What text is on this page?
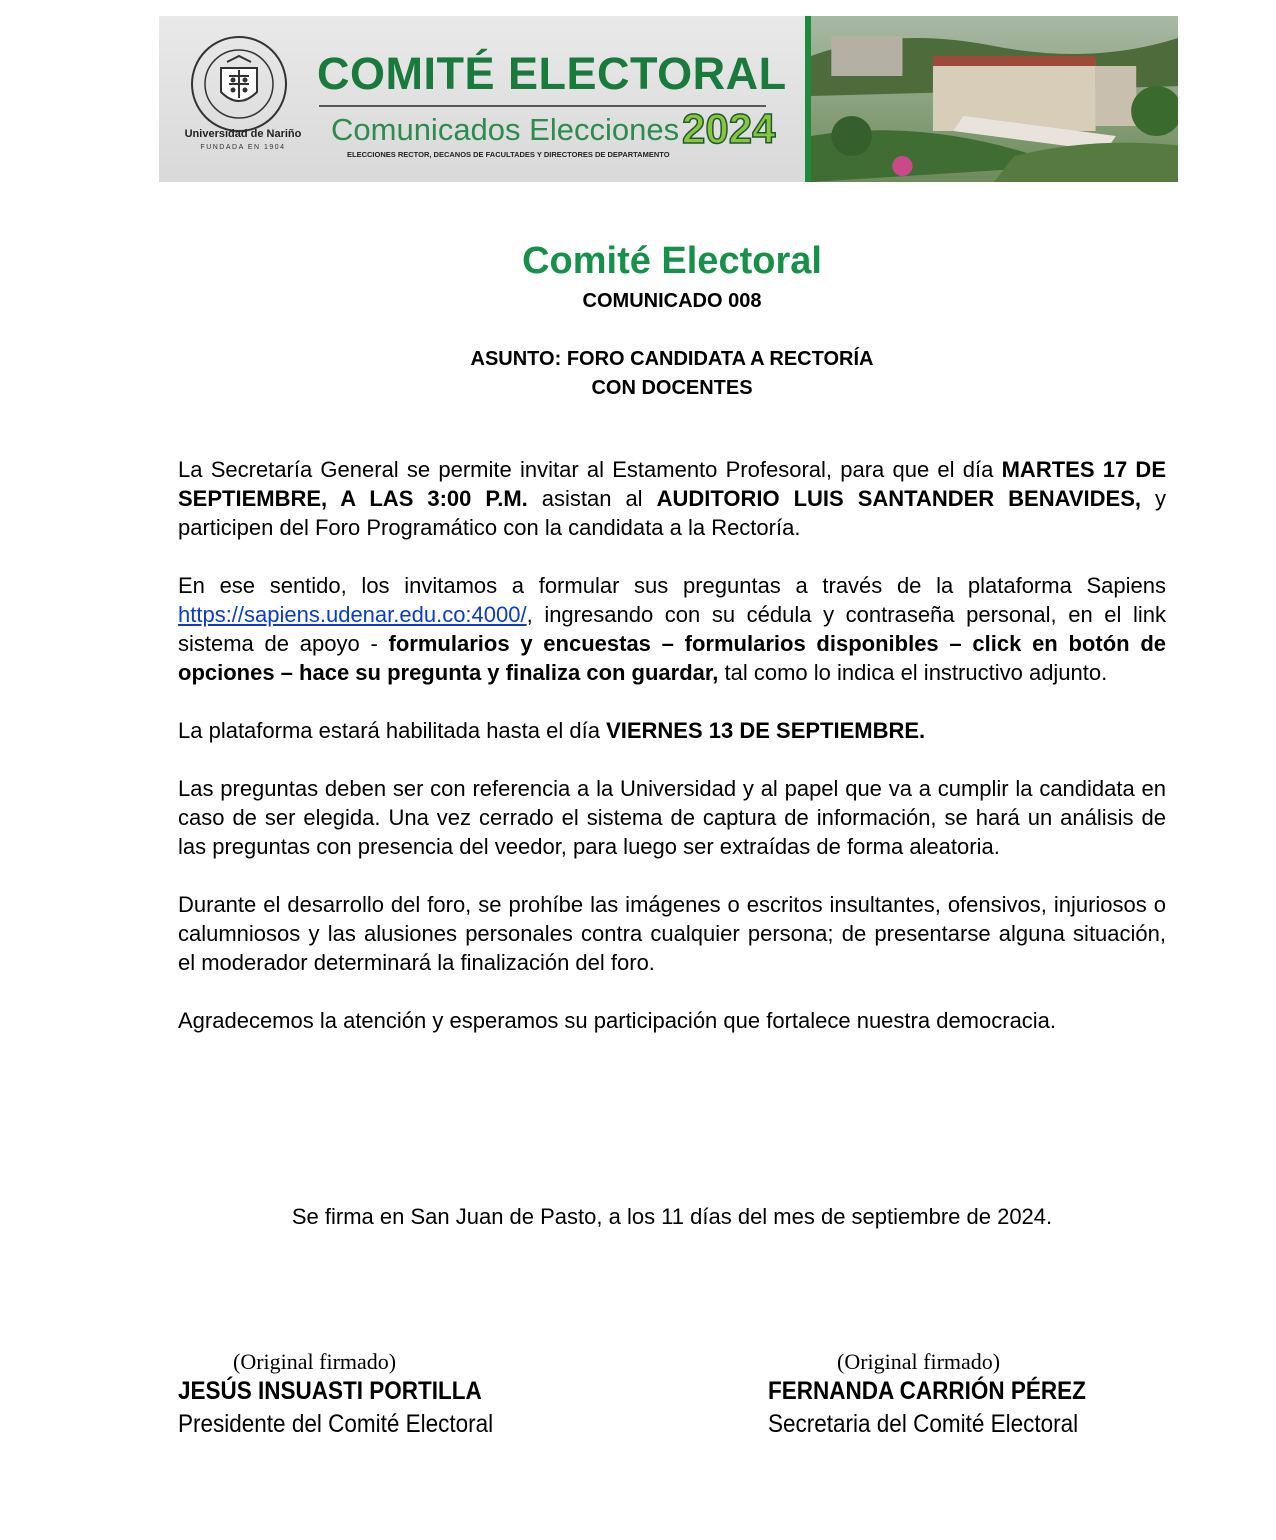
Universidad de Nariño
FUNDADA EN 1904
COMITÉ ELECTORAL
Comunicados Elecciones 2024
ELECCIONES RECTOR, DECANOS DE FACULTADES Y DIRECTORES DE DEPARTAMENTO
Comité Electoral
COMUNICADO 008
ASUNTO: FORO CANDIDATA A RECTORÍA
CON DOCENTES

La Secretaría General se permite invitar al Estamento Profesoral, para que el día MARTES 17 DE SEPTIEMBRE, A LAS 3:00 P.M. asistan al AUDITORIO LUIS SANTANDER BENAVIDES, y participen del Foro Programático con la candidata a la Rectoría.

En ese sentido, los invitamos a formular sus preguntas a través de la plataforma Sapiens https://sapiens.udenar.edu.co:4000/, ingresando con su cédula y contraseña personal, en el link sistema de apoyo - formularios y encuestas – formularios disponibles – click en botón de opciones – hace su pregunta y finaliza con guardar, tal como lo indica el instructivo adjunto.

La plataforma estará habilitada hasta el día VIERNES 13 DE SEPTIEMBRE.

Las preguntas deben ser con referencia a la Universidad y al papel que va a cumplir la candidata en caso de ser elegida. Una vez cerrado el sistema de captura de información, se hará un análisis de las preguntas con presencia del veedor, para luego ser extraídas de forma aleatoria.

Durante el desarrollo del foro, se prohíbe las imágenes o escritos insultantes, ofensivos, injuriosos o calumniosos y las alusiones personales contra cualquier persona; de presentarse alguna situación, el moderador determinará la finalización del foro.

Agradecemos la atención y esperamos su participación que fortalece nuestra democracia.

Se firma en San Juan de Pasto, a los 11 días del mes de septiembre de 2024.
(Original firmado)
JESÚS INSUASTI PORTILLA
Presidente del Comité Electoral
(Original firmado)
FERNANDA CARRIÓN PÉREZ
Secretaria del Comité Electoral
